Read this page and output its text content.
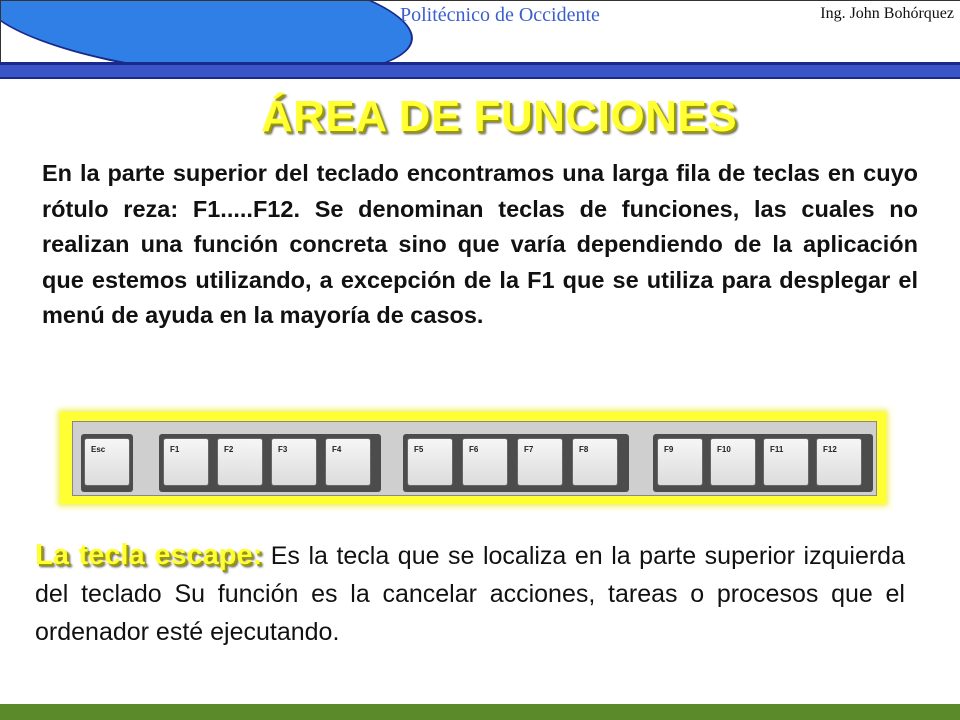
Politécnico de Occidente	Ing. John Bohórquez
ÁREA DE FUNCIONES
En la parte superior del teclado encontramos una larga fila de teclas en cuyo rótulo reza: F1.....F12. Se denominan teclas de funciones, las cuales no realizan una función concreta sino que varía dependiendo de la aplicación que estemos utilizando, a excepción de la F1 que se utiliza para desplegar el menú de ayuda en la mayoría de casos.
Esc	F1	F2	F3	F4	F5	F6	F7	F8	F9	F10	F11	F12
La tecla escape: Es la tecla que se localiza en la parte superior izquierda del teclado Su función es la cancelar acciones, tareas o procesos que el ordenador esté ejecutando.
